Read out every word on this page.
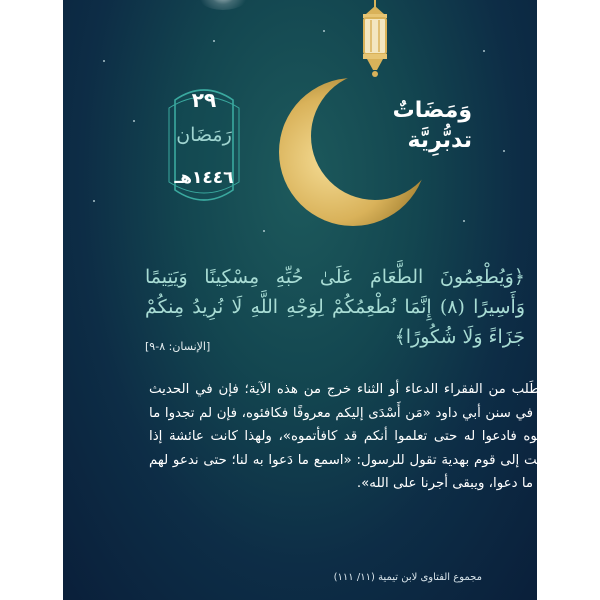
٢٩
رَمَضَان
١٤٤٦هـ
وَمَضَاتٌ
تدبُّرِيَّة
﴿وَيُطْعِمُونَ الطَّعَامَ عَلَىٰ حُبِّهِ مِسْكِينًا وَيَتِيمًا وَأَسِيرًا (٨) إِنَّمَا نُطْعِمُكُمْ لِوَجْهِ اللَّهِ لَا نُرِيدُ مِنكُمْ جَزَاءً وَلَا شُكُورًا﴾
[الإنسان: ٨-٩]
مَن طَلب من الفقراء الدعاء أو الثناء خرج من هذه الآية؛ فإن في الحديث الذي في سنن أبي داود «مَن أَسْدَى إليكم معروفًا فكافئوه، فإن لم تجدوا ما تكافئوه فادعوا له حتى تعلموا أنكم قد كافأتموه»، ولهذا كانت عائشة إذا أرسلت إلى قوم بهدية تقول للرسول: «اسمع ما دَعوا به لنا؛ حتى ندعو لهم بمثل ما دعوا، ويبقى أجرنا على الله».
مجموع الفتاوى لابن تيمية (١١/ ١١١)
